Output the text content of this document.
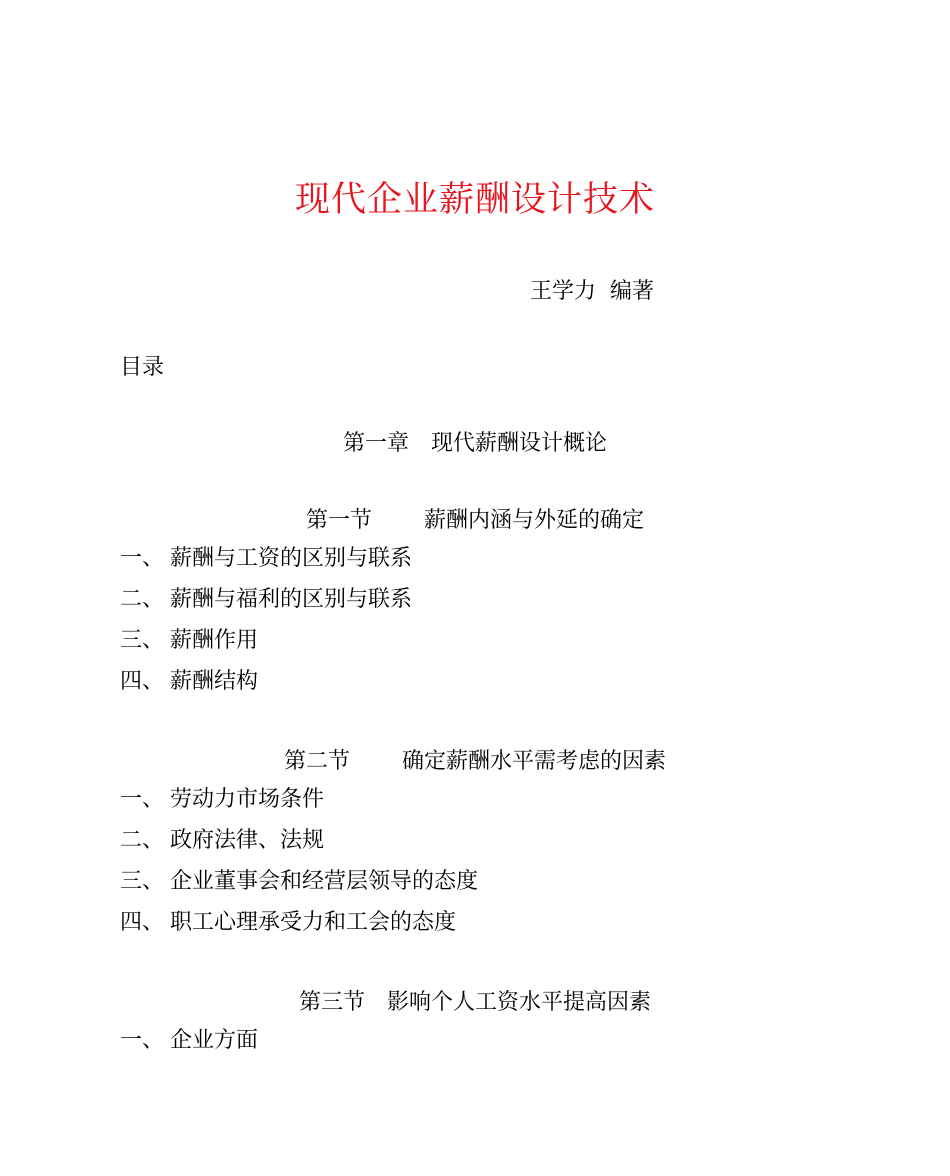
现代企业薪酬设计技术
王学力  编著
目录
第一章 现代薪酬设计概论
第一节 薪酬内涵与外延的确定
一、 薪酬与工资的区别与联系
二、 薪酬与福利的区别与联系
三、 薪酬作用
四、 薪酬结构
第二节 确定薪酬水平需考虑的因素
一、 劳动力市场条件
二、 政府法律、法规
三、 企业董事会和经营层领导的态度
四、 职工心理承受力和工会的态度
第三节 影响个人工资水平提高因素
一、 企业方面
